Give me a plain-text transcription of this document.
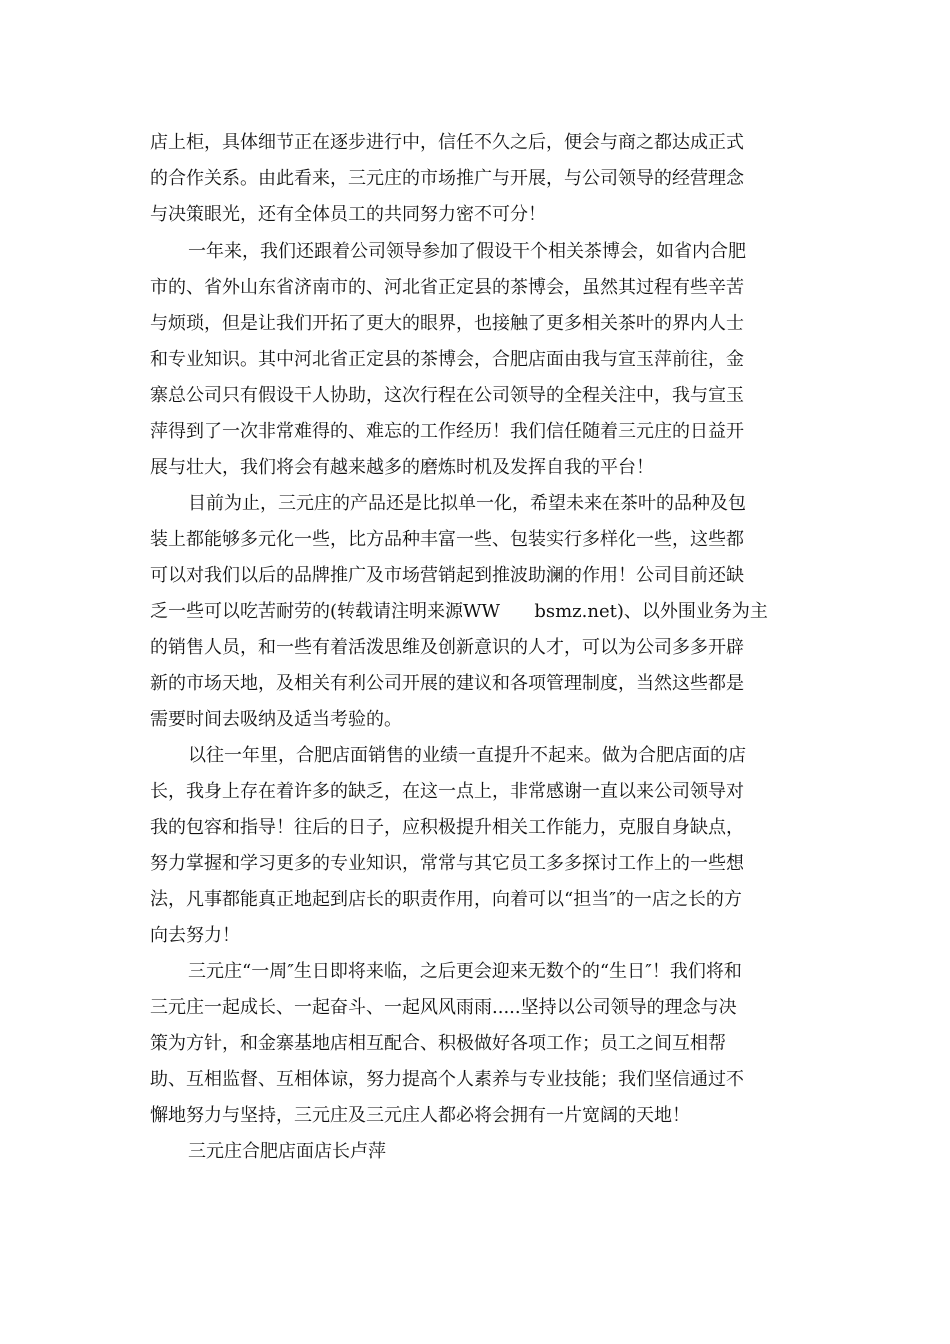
店上柜，具体细节正在逐步进行中，信任不久之后，便会与商之都达成正式
的合作关系。由此看来，三元庄的市场推广与开展，与公司领导的经营理念
与决策眼光，还有全体员工的共同努力密不可分！
一年来，我们还跟着公司领导参加了假设干个相关茶博会，如省内合肥
市的、省外山东省济南市的、河北省正定县的茶博会，虽然其过程有些辛苦
与烦琐，但是让我们开拓了更大的眼界，也接触了更多相关茶叶的界内人士
和专业知识。其中河北省正定县的茶博会，合肥店面由我与宣玉萍前往，金
寨总公司只有假设干人协助，这次行程在公司领导的全程关注中，我与宣玉
萍得到了一次非常难得的、难忘的工作经历！我们信任随着三元庄的日益开
展与壮大，我们将会有越来越多的磨炼时机及发挥自我的平台！
目前为止，三元庄的产品还是比拟单一化，希望未来在茶叶的品种及包
装上都能够多元化一些，比方品种丰富一些、包装实行多样化一些，这些都
可以对我们以后的品牌推广及市场营销起到推波助澜的作用！公司目前还缺
乏一些可以吃苦耐劳的(转载请注明来源WW      bsmz.net)、以外围业务为主
的销售人员，和一些有着活泼思维及创新意识的人才，可以为公司多多开辟
新的市场天地，及相关有利公司开展的建议和各项管理制度，当然这些都是
需要时间去吸纳及适当考验的。
以往一年里，合肥店面销售的业绩一直提升不起来。做为合肥店面的店
长，我身上存在着许多的缺乏，在这一点上，非常感谢一直以来公司领导对
我的包容和指导！往后的日子，应积极提升相关工作能力，克服自身缺点，
努力掌握和学习更多的专业知识，常常与其它员工多多探讨工作上的一些想
法，凡事都能真正地起到店长的职责作用，向着可以“担当″的一店之长的方
向去努力！
三元庄“一周″生日即将来临，之后更会迎来无数个的“生日″！我们将和
三元庄一起成长、一起奋斗、一起风风雨雨.....坚持以公司领导的理念与决
策为方针，和金寨基地店相互配合、积极做好各项工作；员工之间互相帮
助、互相监督、互相体谅，努力提高个人素养与专业技能；我们坚信通过不
懈地努力与坚持，三元庄及三元庄人都必将会拥有一片宽阔的天地！
三元庄合肥店面店长卢萍
